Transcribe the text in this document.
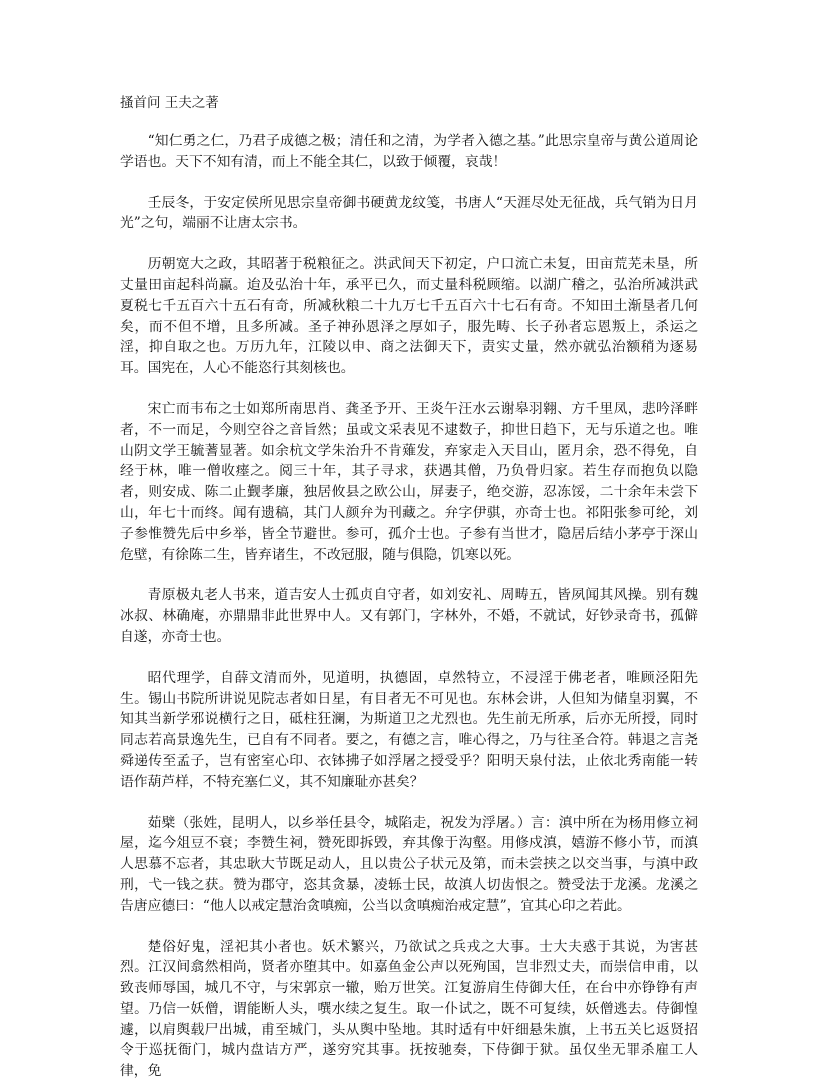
搔首问 王夫之著
“知仁勇之仁，乃君子成德之极；清任和之清，为学者入德之基。”此思宗皇帝与黄公道周论学语也。天下不知有清，而上不能全其仁，以致于倾覆，哀哉！
壬辰冬，于安定侯所见思宗皇帝御书硬黄龙纹笺，书唐人“天涯尽处无征战，兵气销为日月光”之句，端丽不让唐太宗书。
历朝宽大之政，其昭著于税粮征之。洪武间天下初定，户口流亡未复，田亩荒芜未垦，所丈量田亩起科尚赢。迨及弘治十年，承平已久，而丈量科税顾缩。以湖广稽之，弘治所减洪武夏税七千五百六十五石有奇，所减秋粮二十九万七千五百六十七石有奇。不知田土渐垦者几何矣，而不但不增，且多所减。圣子神孙恩泽之厚如子，服先畴、长子孙者忘恩叛上，杀运之淫，抑自取之也。万历九年，江陵以申、商之法御天下，责实丈量，然亦就弘治额稍为逐易耳。国宪在，人心不能恣行其刻核也。
宋亡而韦布之士如郑所南思肖、龚圣予开、王炎午汪水云谢皋羽翱、方千里凤，悲吟泽畔者，不一而足，今则空谷之音旨然；虽或文采表见不逮数子，抑世日趋下，无与乐道之也。唯山阴文学王毓蓍显著。如余杭文学朱治升不肯薙发，弃家走入天目山，匿月余，恐不得免，自经于林，唯一僧收瘗之。阅三十年，其子寻求，获遇其僧，乃负骨归家。若生存而抱负以隐者，则安成、陈二止觐孝廉，独居攸县之欧公山，屏妻子，绝交游，忍冻馁，二十余年未尝下山，年七十而终。闻有遗稿，其门人颜弁为刊藏之。弁字伊骐，亦奇士也。祁阳张参可纶，刘子参惟赞先后中乡举，皆全节避世。参可，孤介士也。子参有当世才，隐居后结小茅亭于深山危壁，有徐陈二生，皆弃诸生，不改冠服，随与俱隐，饥寒以死。
青原极丸老人书来，道吉安人士孤贞自守者，如刘安礼、周畴五，皆夙闻其风操。别有魏冰叔、林确庵，亦鼎鼎非此世界中人。又有郭门，字林外，不婚，不就试，好钞录奇书，孤僻自遂，亦奇士也。
昭代理学，自薛文清而外，见道明，执德固，卓然特立，不浸淫于佛老者，唯顾泾阳先生。锡山书院所讲说见院志者如日星，有目者无不可见也。东林会讲，人但知为储皇羽翼，不知其当新学邪说横行之日，砥柱狂澜，为斯道卫之尤烈也。先生前无所承，后亦无所授，同时同志若高景逸先生，已自有不同者。要之，有德之言，唯心得之，乃与往圣合符。韩退之言尧舜递传至孟子，岂有密室心印、衣钵拂子如浮屠之授受乎？阳明天泉付法，止依北秀南能一转语作葫芦样，不特充塞仁义，其不知廉耻亦甚矣？
茹檗（张姓，昆明人，以乡举任县令，城陷走，祝发为浮屠。）言：滇中所在为杨用修立祠屋，迄今俎豆不衰；李赞生祠，赞死即拆毁，弃其像于沟壑。用修戍滇，嬉游不修小节，而滇人思慕不忘者，其忠耿大节既足动人，且以贵公子状元及第，而未尝挟之以交当事，与滇中政刑，弋一钱之获。赞为郡守，恣其贪暴，凌轹士民，故滇人切齿恨之。赞受法于龙溪。龙溪之告唐应德曰：“他人以戒定慧治贪嗔痴，公当以贪嗔痴治戒定慧”，宜其心印之若此。
楚俗好鬼，淫祀其小者也。妖术繁兴，乃欲试之兵戎之大事。士大夫惑于其说，为害甚烈。江汉间翕然相尚，贤者亦堕其中。如嘉鱼金公声以死殉国，岂非烈丈夫，而崇信申甫，以致丧师辱国，城几不守，与宋郭京一辙，贻万世笑。江复游肩生侍御大任，在台中亦铮铮有声望。乃信一妖僧，谓能断人头，噀水续之复生。取一仆试之，既不可复续，妖僧逃去。侍御惶遽，以肩舆载尸出城，甫至城门，头从舆中坠地。其时适有中奸细悬朱旗，上书五关匕返贤招令于巡抚衙门，城内盘诘方严，遂穷究其事。抚按驰奏，下侍御于狱。虽仅坐无罪杀雇工人律，免
